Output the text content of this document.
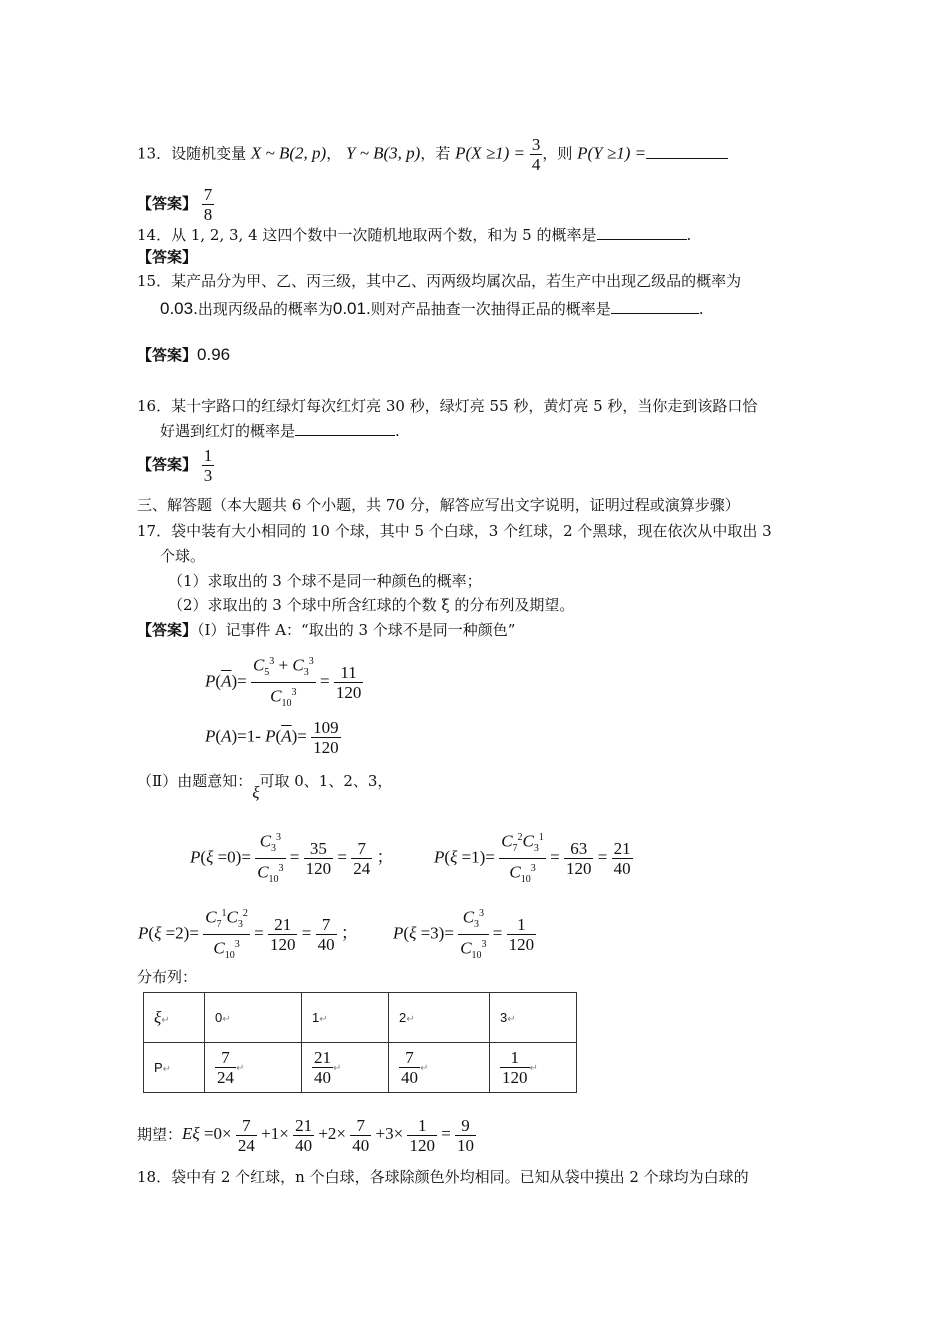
13．设随机变量 X ~ B(2, p)， Y ~ B(3, p)，若 $P(X \ge 1) = \frac{3}{4}$ ，则 P(Y ≥1) =
【答案】 $\frac{7}{8}$
14．从 1, 2, 3, 4 这四个数中一次随机地取两个数，和为 5 的概率是	.
【答案】
15．某产品分为甲、乙、丙三级，其中乙、丙两级均属次品，若生产中出现乙级品的概率为
0.03.出现丙级品的概率为0.01.则对产品抽查一次抽得正品的概率是	.
【答案】0.96
16．某十字路口的红绿灯每次红灯亮 30 秒，绿灯亮 55 秒，黄灯亮 5 秒，当你走到该路口恰
好遇到红灯的概率是	.
【答案】 $\frac{1}{3}$
三、解答题（本大题共 6 个小题，共 70 分，解答应写出文字说明，证明过程或演算步骤）
17．袋中装有大小相同的 10 个球，其中 5 个白球，3 个红球，2 个黑球，现在依次从中取出 3
个球。
（1）求取出的 3 个球不是同一种颜色的概率；
（2）求取出的 3 个球中所含红球的个数 ξ 的分布列及期望。
【答案】（Ⅰ）记事件 A：“取出的 3 个球不是同一种颜色”
$P(\overline{A})= \frac{C_5^3 + C_3^3}{C_{10}^3} = \frac{11}{120}$
P(A)=1- $P(\overline{A})= \frac{109}{120}$
（Ⅱ）由题意知：ξ可取 0、1、2、3，
$P(\xi =0)= \frac{C_3^3}{C_{10}^3} = \frac{35}{120} = \frac{7}{24}$ ； $P(\xi =1)= \frac{C_7^2C_3^1}{C_{10}^3} = \frac{63}{120} = \frac{21}{40}$
$P(\xi =2)= \frac{C_7^1C_3^2}{C_{10}^3} = \frac{21}{120} = \frac{7}{40}$ ； $P(\xi =3)= \frac{C_3^3}{C_{10}^3} = \frac{1}{120}$
分布列：
ξ↵	0↵	1↵	2↵	3↵
P↵	$\frac{7}{24}$ ↵	$\frac{21}{40}$ ↵	$\frac{7}{40}$ ↵	$\frac{1}{120}$ ↵
期望：$E\xi =0\times \frac{7}{24} +1\times \frac{21}{40} +2\times \frac{7}{40} +3\times \frac{1}{120} = \frac{9}{10}$
18．袋中有 2 个红球，n 个白球，各球除颜色外均相同。已知从袋中摸出 2 个球均为白球的
